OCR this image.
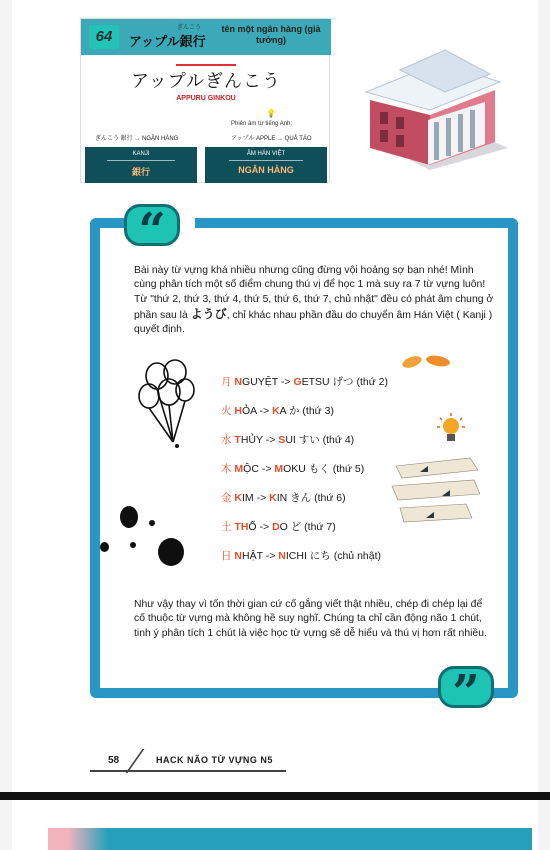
64	ぎんこう
アップル銀行
tên một ngân hàng (giả tưởng)
アップルぎんこう
APPURU GINKOU
💡
Phiên âm từ tiếng Anh:
ぎんこう 銀行 → NGÂN HÀNG	アップル APPLE → QUẢ TÁO
KANJI
銀行
ÂM HÁN VIỆT
NGÂN HÀNG
“
”
Bài này từ vựng khá nhiều nhưng cũng đừng vội hoảng sợ bạn nhé! Mình cùng phân tích một số điểm chung thú vị để học 1 mà suy ra 7 từ vựng luôn! Từ "thứ 2, thứ 3, thứ 4, thứ 5, thứ 6, thứ 7, chủ nhật" đều có phát âm chung ở phần sau là ようび, chỉ khác nhau phần đầu do chuyển âm Hán Việt ( Kanji ) quyết định.
月 NGUYỆT -> GETSU げつ (thứ 2)
火 HỎA -> KA か (thứ 3)
水 THỦY -> SUI すい (thứ 4)
木 MỘC -> MOKU もく (thứ 5)
金 KIM -> KIN きん (thứ 6)
土 THỔ -> DO ど (thứ 7)
日 NHẬT -> NICHI にち (chủ nhật)
Như vậy thay vì tốn thời gian cứ cố gắng viết thật nhiều, chép đi chép lại để cố thuộc từ vựng mà không hề suy nghĩ. Chúng ta chỉ cần động não 1 chút, tinh ý phân tích 1 chút là việc học từ vựng sẽ dễ hiểu và thú vị hơn rất nhiều.
58	HACK NÃO TỪ VỰNG N5
